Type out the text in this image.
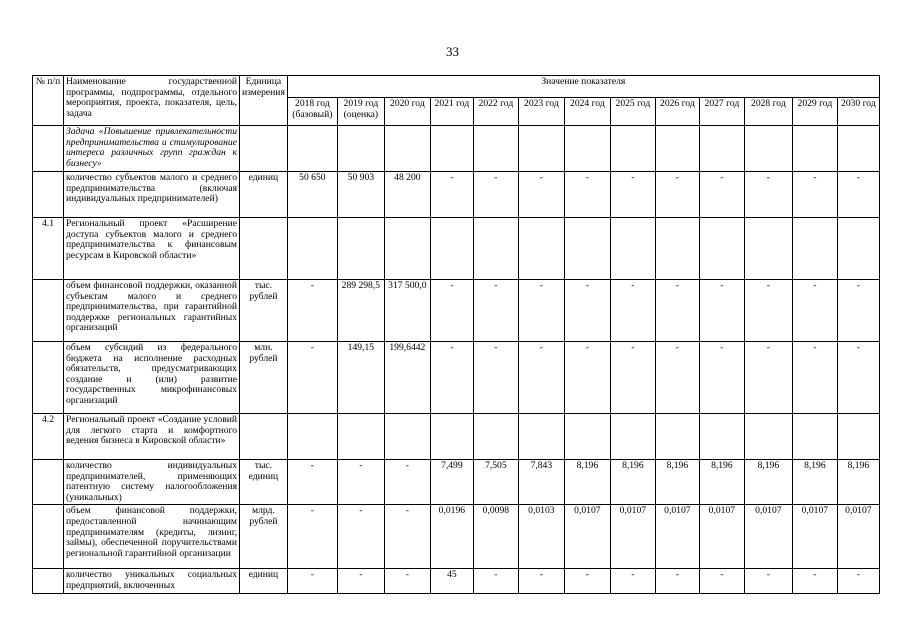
33
№ п/п	Наименование государственной программы, подпрограммы, отдельного мероприятия, проекта, показателя, цель, задача	Единица измерения	Значение показателя												
			2018 год (базовый)	2019 год (оценка)	2020 год	2021 год	2022 год	2023 год	2024 год	2025 год	2026 год	2027 год	2028 год	2029 год	2030 год
	Задача «Повышение привлекательности предпринимательства и стимулирование интереса различных групп граждан к бизнесу»														
	количество субъектов малого и среднего предпринимательства (включая индивидуальных предпринимателей)	единиц	50 650	50 903	48 200	-	-	-	-	-	-	-	-	-	-
4.1	Региональный проект «Расширение доступа субъектов малого и среднего предпринимательства к финансовым ресурсам в Кировской области»														
	объем финансовой поддержки, оказанной субъектам малого и среднего предпринимательства, при гарантийной поддержке региональных гарантийных организаций	тыс. рублей	-	289 298,5	317 500,0	-	-	-	-	-	-	-	-	-	-
	объем субсидий из федерального бюджета на исполнение расходных обязательств, предусматривающих создание и (или) развитие государственных микрофинансовых организаций	млн. рублей	-	149,15	199,6442	-	-	-	-	-	-	-	-	-	-
4.2	Региональный проект «Создание условий для легкого старта и комфортного ведения бизнеса в Кировской области»														
	количество индивидуальных предпринимателей, применяющих патентную систему налогообложения (уникальных)	тыс. единиц	-	-	-	7,499	7,505	7,843	8,196	8,196	8,196	8,196	8,196	8,196	8,196
	объем финансовой поддержки, предоставленной начинающим предпринимателям (кредиты, лизинг, займы), обеспеченной поручительствами региональной гарантийной организации	млрд. рублей	-	-	-	0,0196	0,0098	0,0103	0,0107	0,0107	0,0107	0,0107	0,0107	0,0107	0,0107
	количество уникальных социальных предприятий, включенных	единиц	-	-	-	45	-	-	-	-	-	-	-	-	-
